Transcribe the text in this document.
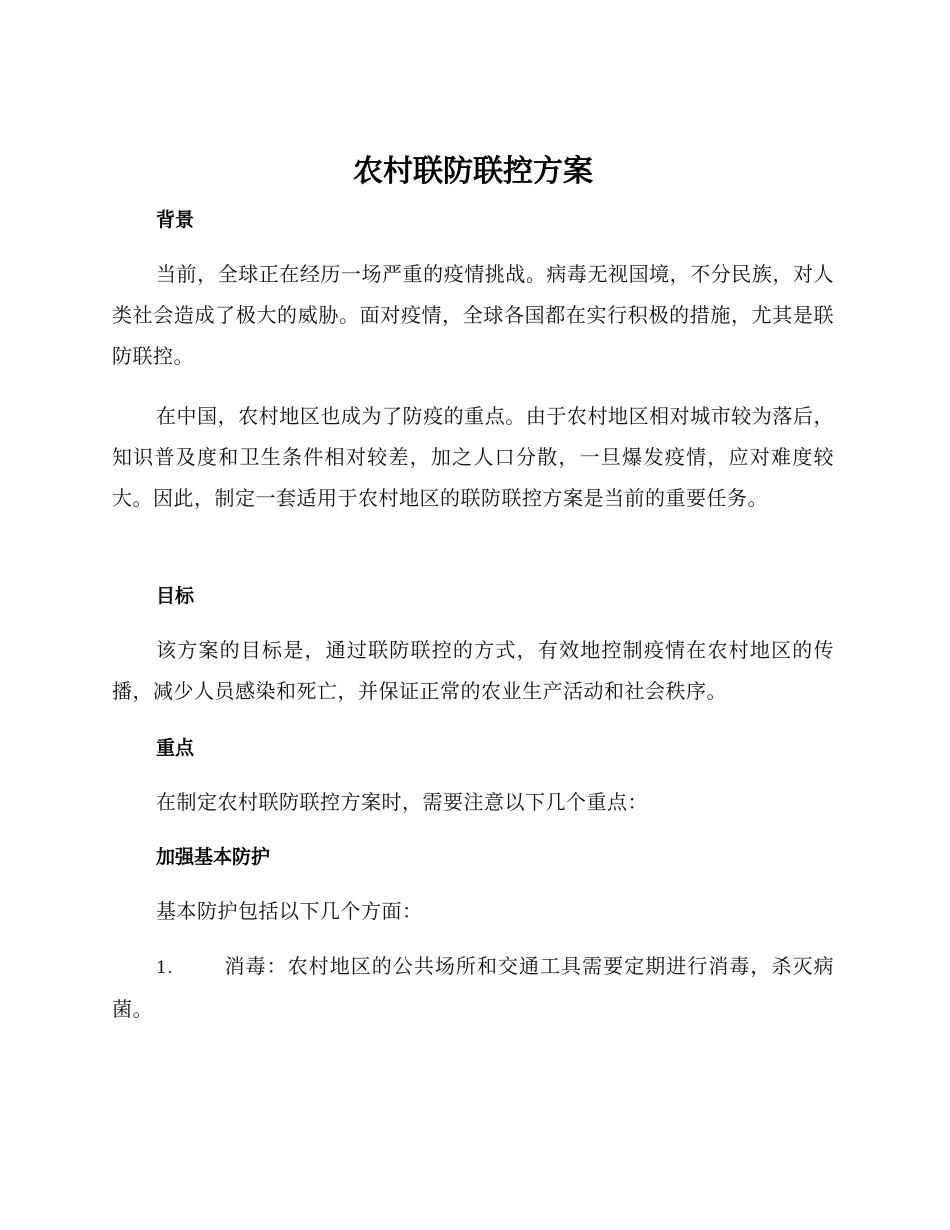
农村联防联控方案
背景

当前，全球正在经历一场严重的疫情挑战。病毒无视国境，不分民族，对人类社会造成了极大的威胁。面对疫情，全球各国都在实行积极的措施，尤其是联防联控。

在中国，农村地区也成为了防疫的重点。由于农村地区相对城市较为落后，知识普及度和卫生条件相对较差，加之人口分散，一旦爆发疫情，应对难度较大。因此，制定一套适用于农村地区的联防联控方案是当前的重要任务。

目标

该方案的目标是，通过联防联控的方式，有效地控制疫情在农村地区的传播，减少人员感染和死亡，并保证正常的农业生产活动和社会秩序。

重点

在制定农村联防联控方案时，需要注意以下几个重点：

加强基本防护

基本防护包括以下几个方面：

1.	消毒：农村地区的公共场所和交通工具需要定期进行消毒，杀灭病菌。
